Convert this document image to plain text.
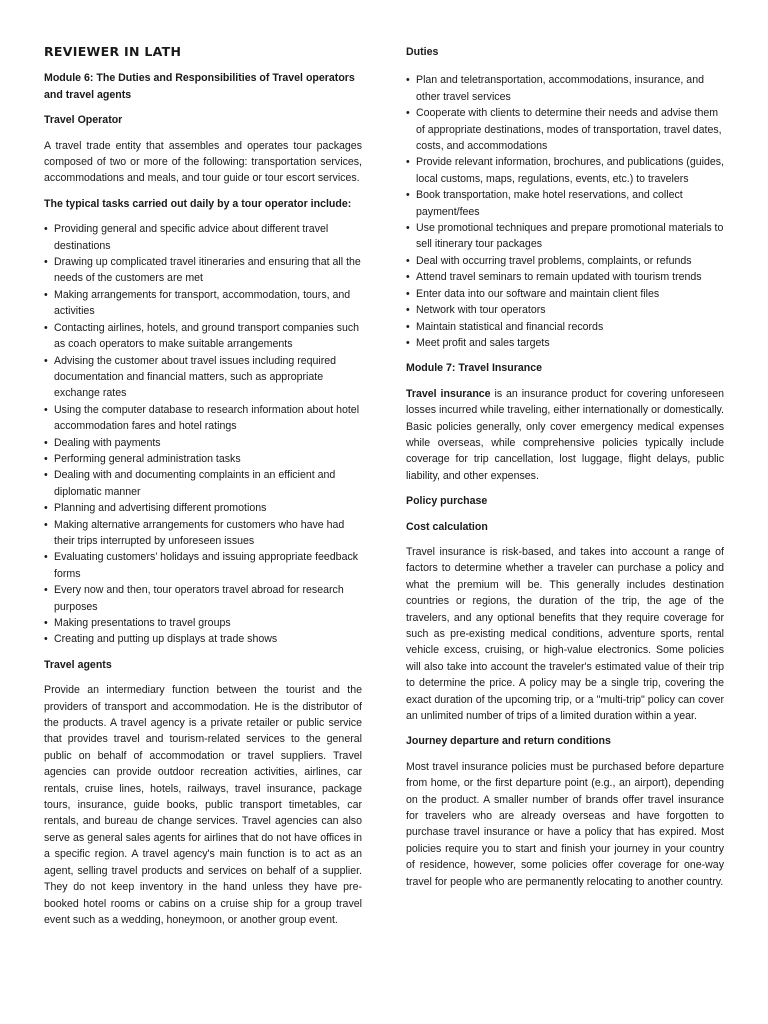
REVIEWER IN LATH
Module 6: The Duties and Responsibilities of Travel operators and travel agents
Travel Operator

A travel trade entity that assembles and operates tour packages composed of two or more of the following: transportation services, accommodations and meals, and tour guide or tour escort services.

The typical tasks carried out daily by a tour operator include:
• Providing general and specific advice about different travel destinations
• Drawing up complicated travel itineraries and ensuring that all the needs of the customers are met
• Making arrangements for transport, accommodation, tours, and activities
• Contacting airlines, hotels, and ground transport companies such as coach operators to make suitable arrangements
• Advising the customer about travel issues including required documentation and financial matters, such as appropriate exchange rates
• Using the computer database to research information about hotel accommodation fares and hotel ratings
• Dealing with payments
• Performing general administration tasks
• Dealing with and documenting complaints in an efficient and diplomatic manner
• Planning and advertising different promotions
• Making alternative arrangements for customers who have had their trips interrupted by unforeseen issues
• Evaluating customers’ holidays and issuing appropriate feedback forms
• Every now and then, tour operators travel abroad for research purposes
• Making presentations to travel groups
• Creating and putting up displays at trade shows
Travel agents

Provide an intermediary function between the tourist and the providers of transport and accommodation. He is the distributor of the products. A travel agency is a private retailer or public service that provides travel and tourism-related services to the general public on behalf of accommodation or travel suppliers. Travel agencies can provide outdoor recreation activities, airlines, car rentals, cruise lines, hotels, railways, travel insurance, package tours, insurance, guide books, public transport timetables, car rentals, and bureau de change services. Travel agencies can also serve as general sales agents for airlines that do not have offices in a specific region. A travel agency's main function is to act as an agent, selling travel products and services on behalf of a supplier. They do not keep inventory in the hand unless they have pre-booked hotel rooms or cabins on a cruise ship for a group travel event such as a wedding, honeymoon, or another group event.

Duties
• Plan and teletransportation, accommodations, insurance, and other travel services
• Cooperate with clients to determine their needs and advise them of appropriate destinations, modes of transportation, travel dates, costs, and accommodations
• Provide relevant information, brochures, and publications (guides, local customs, maps, regulations, events, etc.) to travelers
• Book transportation, make hotel reservations, and collect payment/fees
• Use promotional techniques and prepare promotional materials to sell itinerary tour packages
• Deal with occurring travel problems, complaints, or refunds
• Attend travel seminars to remain updated with tourism trends
• Enter data into our software and maintain client files
• Network with tour operators
• Maintain statistical and financial records
• Meet profit and sales targets
Module 7: Travel Insurance

Travel insurance is an insurance product for covering unforeseen losses incurred while traveling, either internationally or domestically. Basic policies generally, only cover emergency medical expenses while overseas, while comprehensive policies typically include coverage for trip cancellation, lost luggage, flight delays, public liability, and other expenses.

Policy purchase
Cost calculation

Travel insurance is risk-based, and takes into account a range of factors to determine whether a traveler can purchase a policy and what the premium will be. This generally includes destination countries or regions, the duration of the trip, the age of the travelers, and any optional benefits that they require coverage for such as pre-existing medical conditions, adventure sports, rental vehicle excess, cruising, or high-value electronics. Some policies will also take into account the traveler's estimated value of their trip to determine the price. A policy may be a single trip, covering the exact duration of the upcoming trip, or a "multi-trip" policy can cover an unlimited number of trips of a limited duration within a year.

Journey departure and return conditions

Most travel insurance policies must be purchased before departure from home, or the first departure point (e.g., an airport), depending on the product. A smaller number of brands offer travel insurance for travelers who are already overseas and have forgotten to purchase travel insurance or have a policy that has expired. Most policies require you to start and finish your journey in your country of residence, however, some policies offer coverage for one-way travel for people who are permanently relocating to another country.
